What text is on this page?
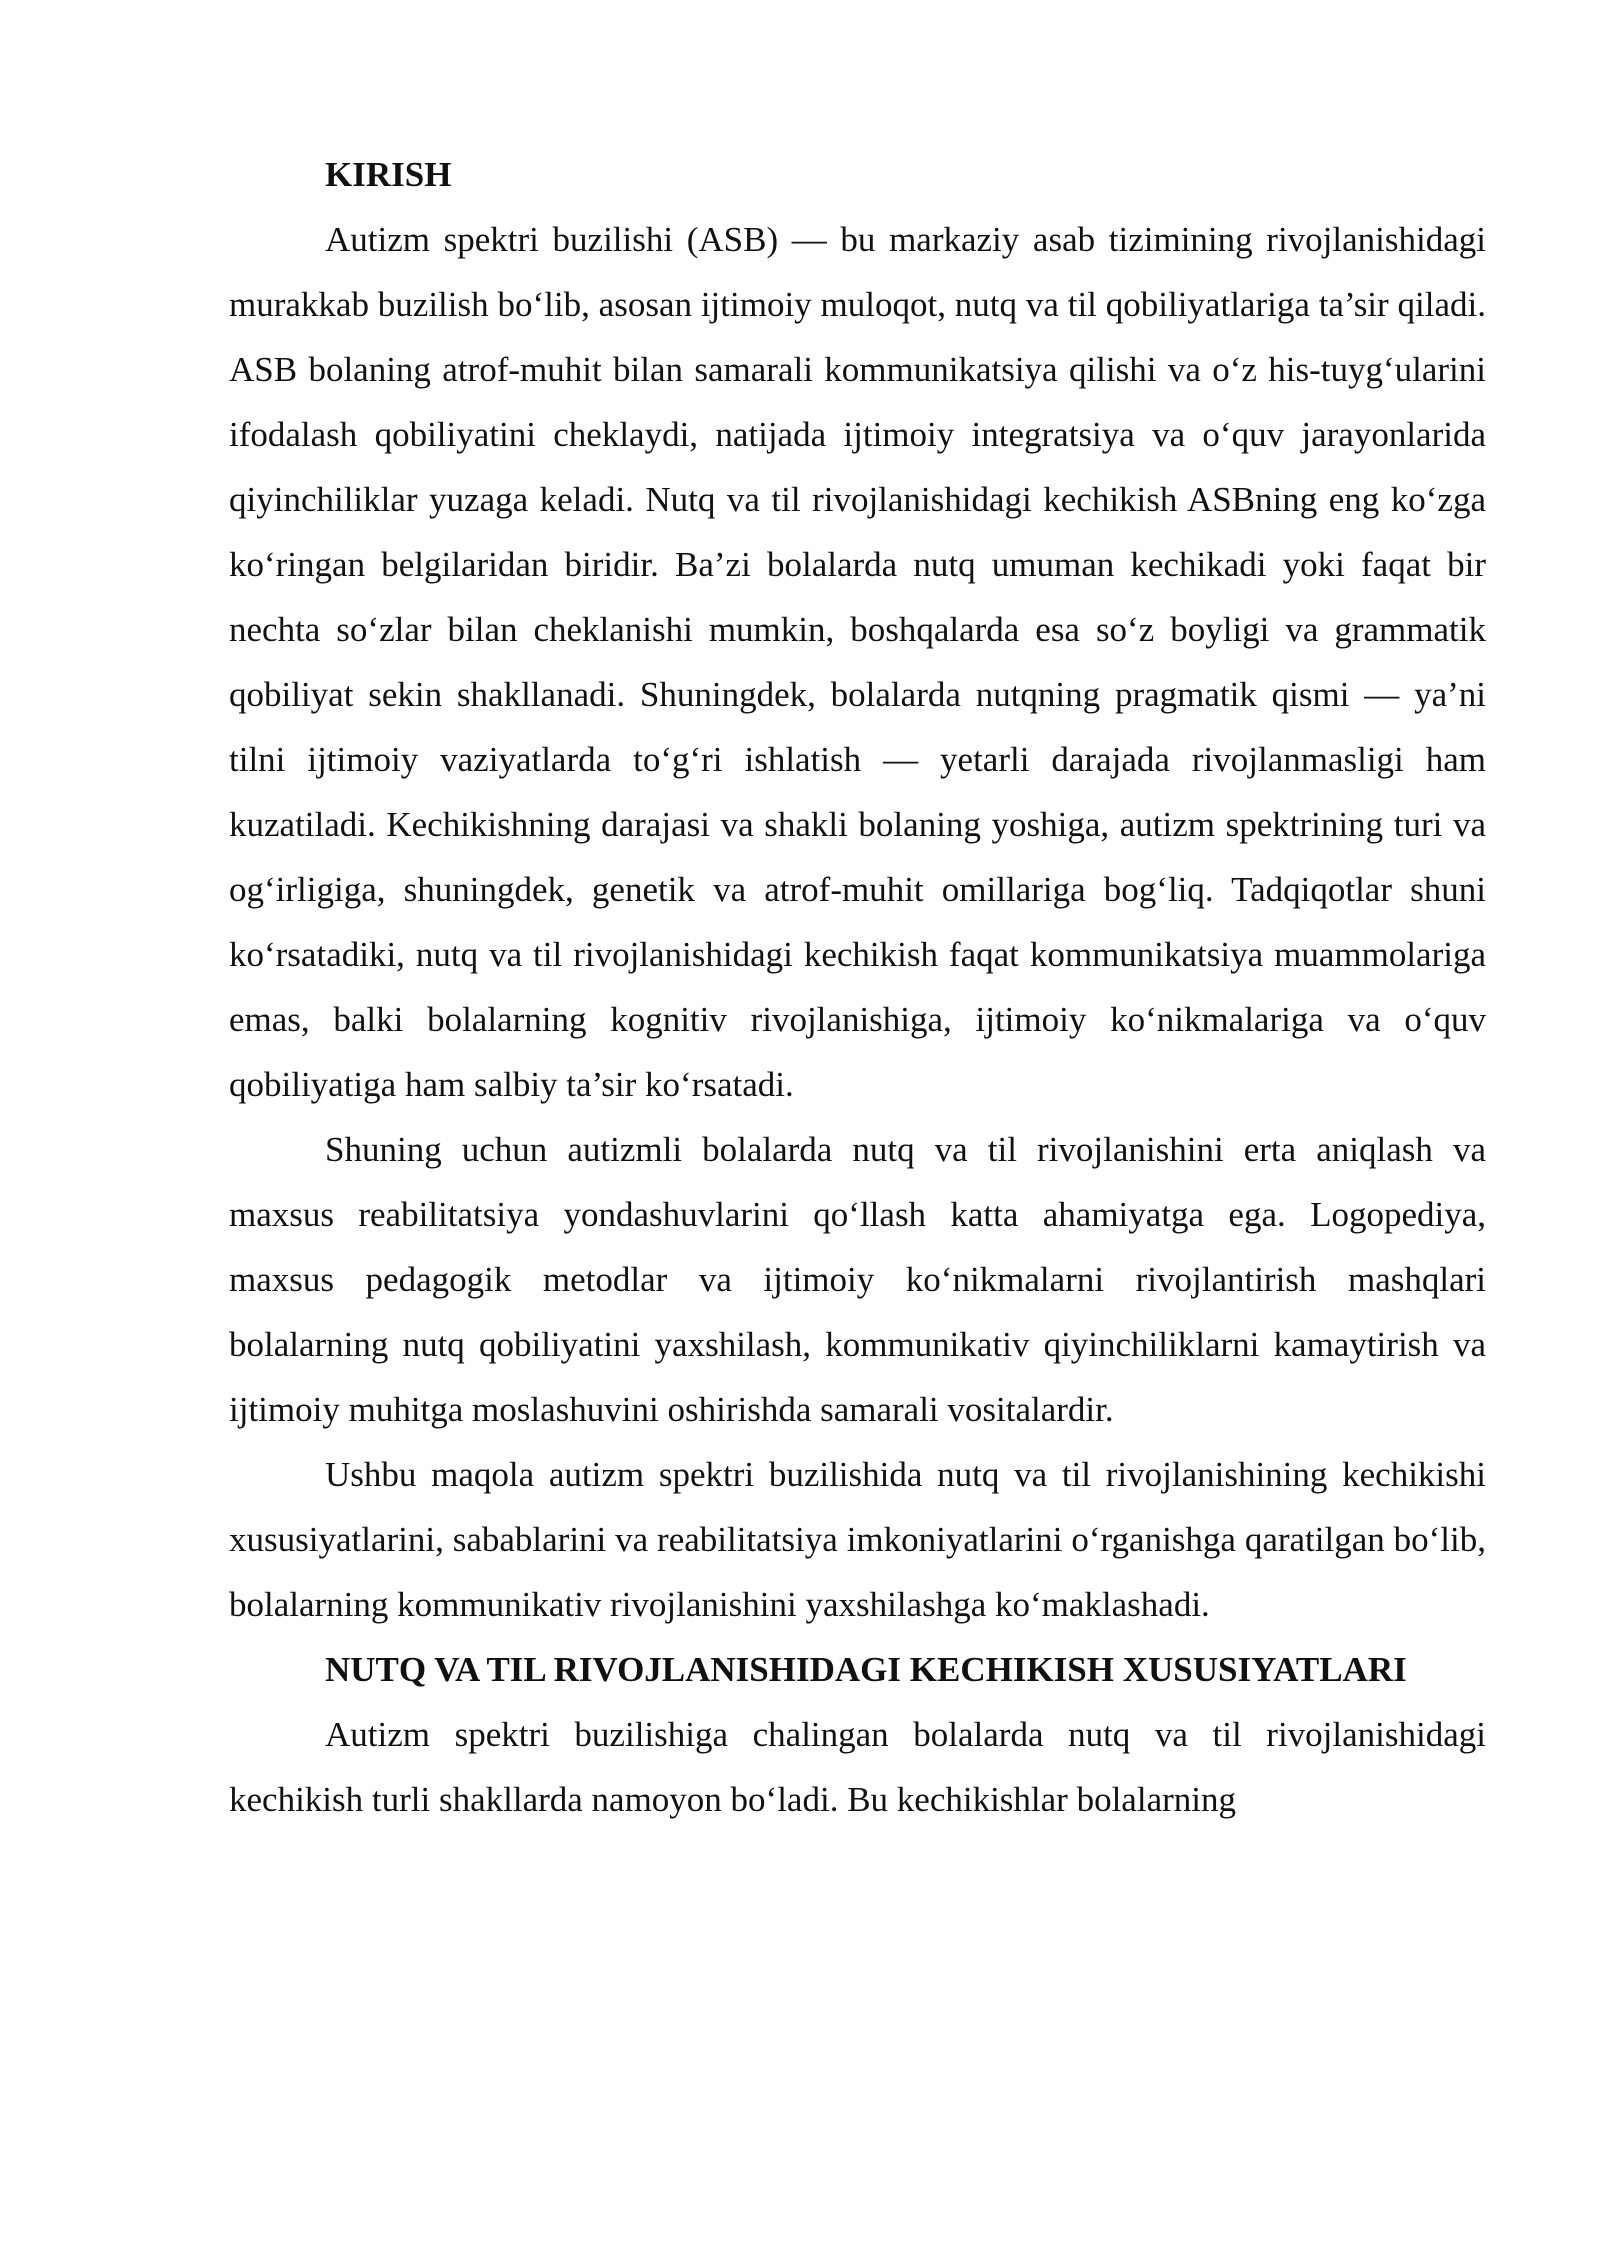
KIRISH

Autizm spektri buzilishi (ASB) — bu markaziy asab tizimining rivojlanishidagi murakkab buzilish bo‘lib, asosan ijtimoiy muloqot, nutq va til qobiliyatlariga ta’sir qiladi. ASB bolaning atrof-muhit bilan samarali kommunikatsiya qilishi va o‘z his-tuyg‘ularini ifodalash qobiliyatini cheklaydi, natijada ijtimoiy integratsiya va o‘quv jarayonlarida qiyinchiliklar yuzaga keladi. Nutq va til rivojlanishidagi kechikish ASBning eng ko‘zga ko‘ringan belgilaridan biridir. Ba’zi bolalarda nutq umuman kechikadi yoki faqat bir nechta so‘zlar bilan cheklanishi mumkin, boshqalarda esa so‘z boyligi va grammatik qobiliyat sekin shakllanadi. Shuningdek, bolalarda nutqning pragmatik qismi — ya’ni tilni ijtimoiy vaziyatlarda to‘g‘ri ishlatish — yetarli darajada rivojlanmasligi ham kuzatiladi. Kechikishning darajasi va shakli bolaning yoshiga, autizm spektrining turi va og‘irligiga, shuningdek, genetik va atrof-muhit omillariga bog‘liq. Tadqiqotlar shuni ko‘rsatadiki, nutq va til rivojlanishidagi kechikish faqat kommunikatsiya muammolariga emas, balki bolalarning kognitiv rivojlanishiga, ijtimoiy ko‘nikmalariga va o‘quv qobiliyatiga ham salbiy ta’sir ko‘rsatadi.

Shuning uchun autizmli bolalarda nutq va til rivojlanishini erta aniqlash va maxsus reabilitatsiya yondashuvlarini qo‘llash katta ahamiyatga ega. Logopediya, maxsus pedagogik metodlar va ijtimoiy ko‘nikmalarni rivojlantirish mashqlari bolalarning nutq qobiliyatini yaxshilash, kommunikativ qiyinchiliklarni kamaytirish va ijtimoiy muhitga moslashuvini oshirishda samarali vositalardir.

Ushbu maqola autizm spektri buzilishida nutq va til rivojlanishining kechikishi xususiyatlarini, sabablarini va reabilitatsiya imkoniyatlarini o‘rganishga qaratilgan bo‘lib, bolalarning kommunikativ rivojlanishini yaxshilashga ko‘maklashadi.

NUTQ VA TIL RIVOJLANISHIDAGI KECHIKISH XUSUSIYATLARI

Autizm spektri buzilishiga chalingan bolalarda nutq va til rivojlanishidagi kechikish turli shakllarda namoyon bo‘ladi. Bu kechikishlar bolalarning
